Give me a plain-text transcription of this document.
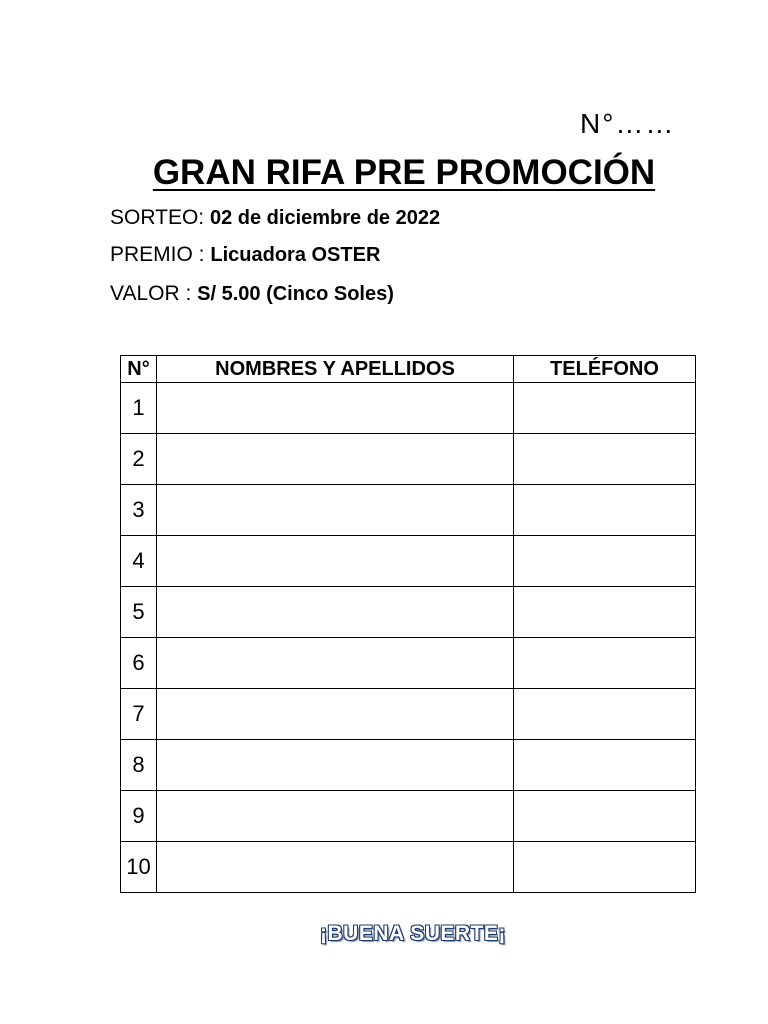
N°……
GRAN RIFA PRE PROMOCIÓN
SORTEO: 02 de diciembre de 2022
PREMIO : Licuadora OSTER
VALOR : S/ 5.00 (Cinco Soles)
N°	NOMBRES Y APELLIDOS	TELÉFONO
1		
2		
3		
4		
5		
6		
7		
8		
9		
10		
¡BUENA SUERTE¡
